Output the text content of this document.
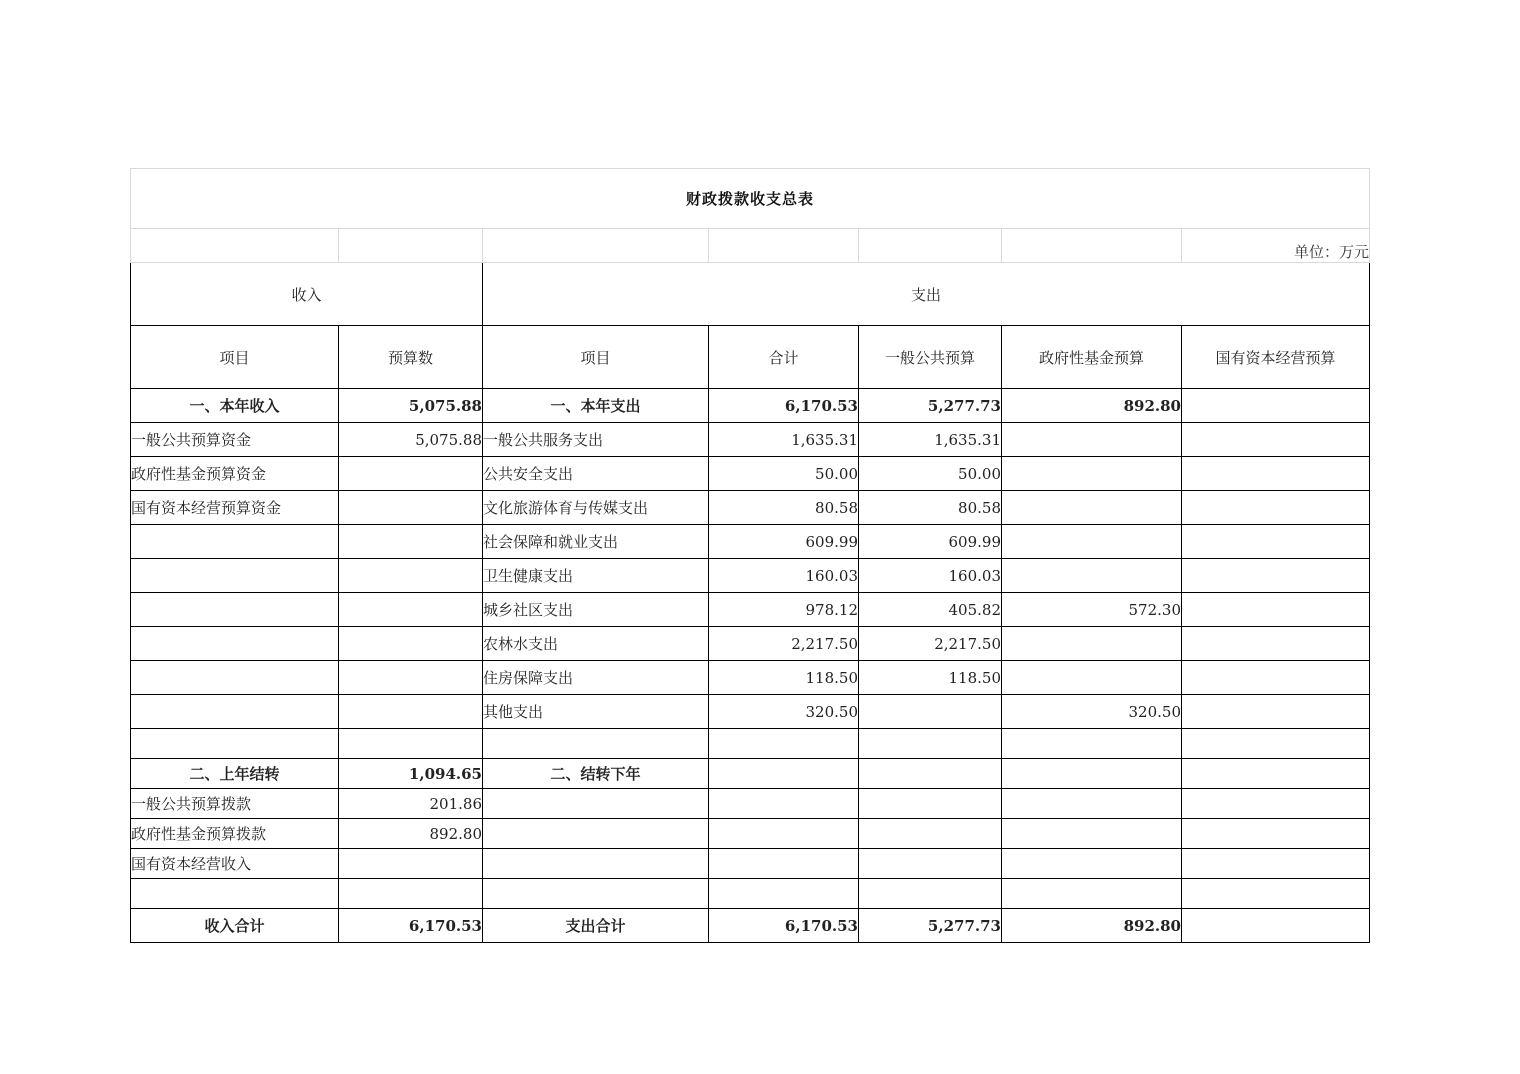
财政拨款收支总表						
						单位：万元
收入		支出				
项目	预算数	项目	合计	一般公共预算	政府性基金预算	国有资本经营预算
一、本年收入	5,075.88	一、本年支出	6,170.53	5,277.73	892.80	
一般公共预算资金	5,075.88	一般公共服务支出	1,635.31	1,635.31		
政府性基金预算资金		公共安全支出	50.00	50.00		
国有资本经营预算资金		文化旅游体育与传媒支出	80.58	80.58		
		社会保障和就业支出	609.99	609.99		
		卫生健康支出	160.03	160.03		
		城乡社区支出	978.12	405.82	572.30	
		农林水支出	2,217.50	2,217.50		
		住房保障支出	118.50	118.50		
		其他支出	320.50		320.50	

二、上年结转	1,094.65	二、结转下年				
一般公共预算拨款	201.86					
政府性基金预算拨款	892.80					
国有资本经营收入						

收入合计	6,170.53	支出合计	6,170.53	5,277.73	892.80	
